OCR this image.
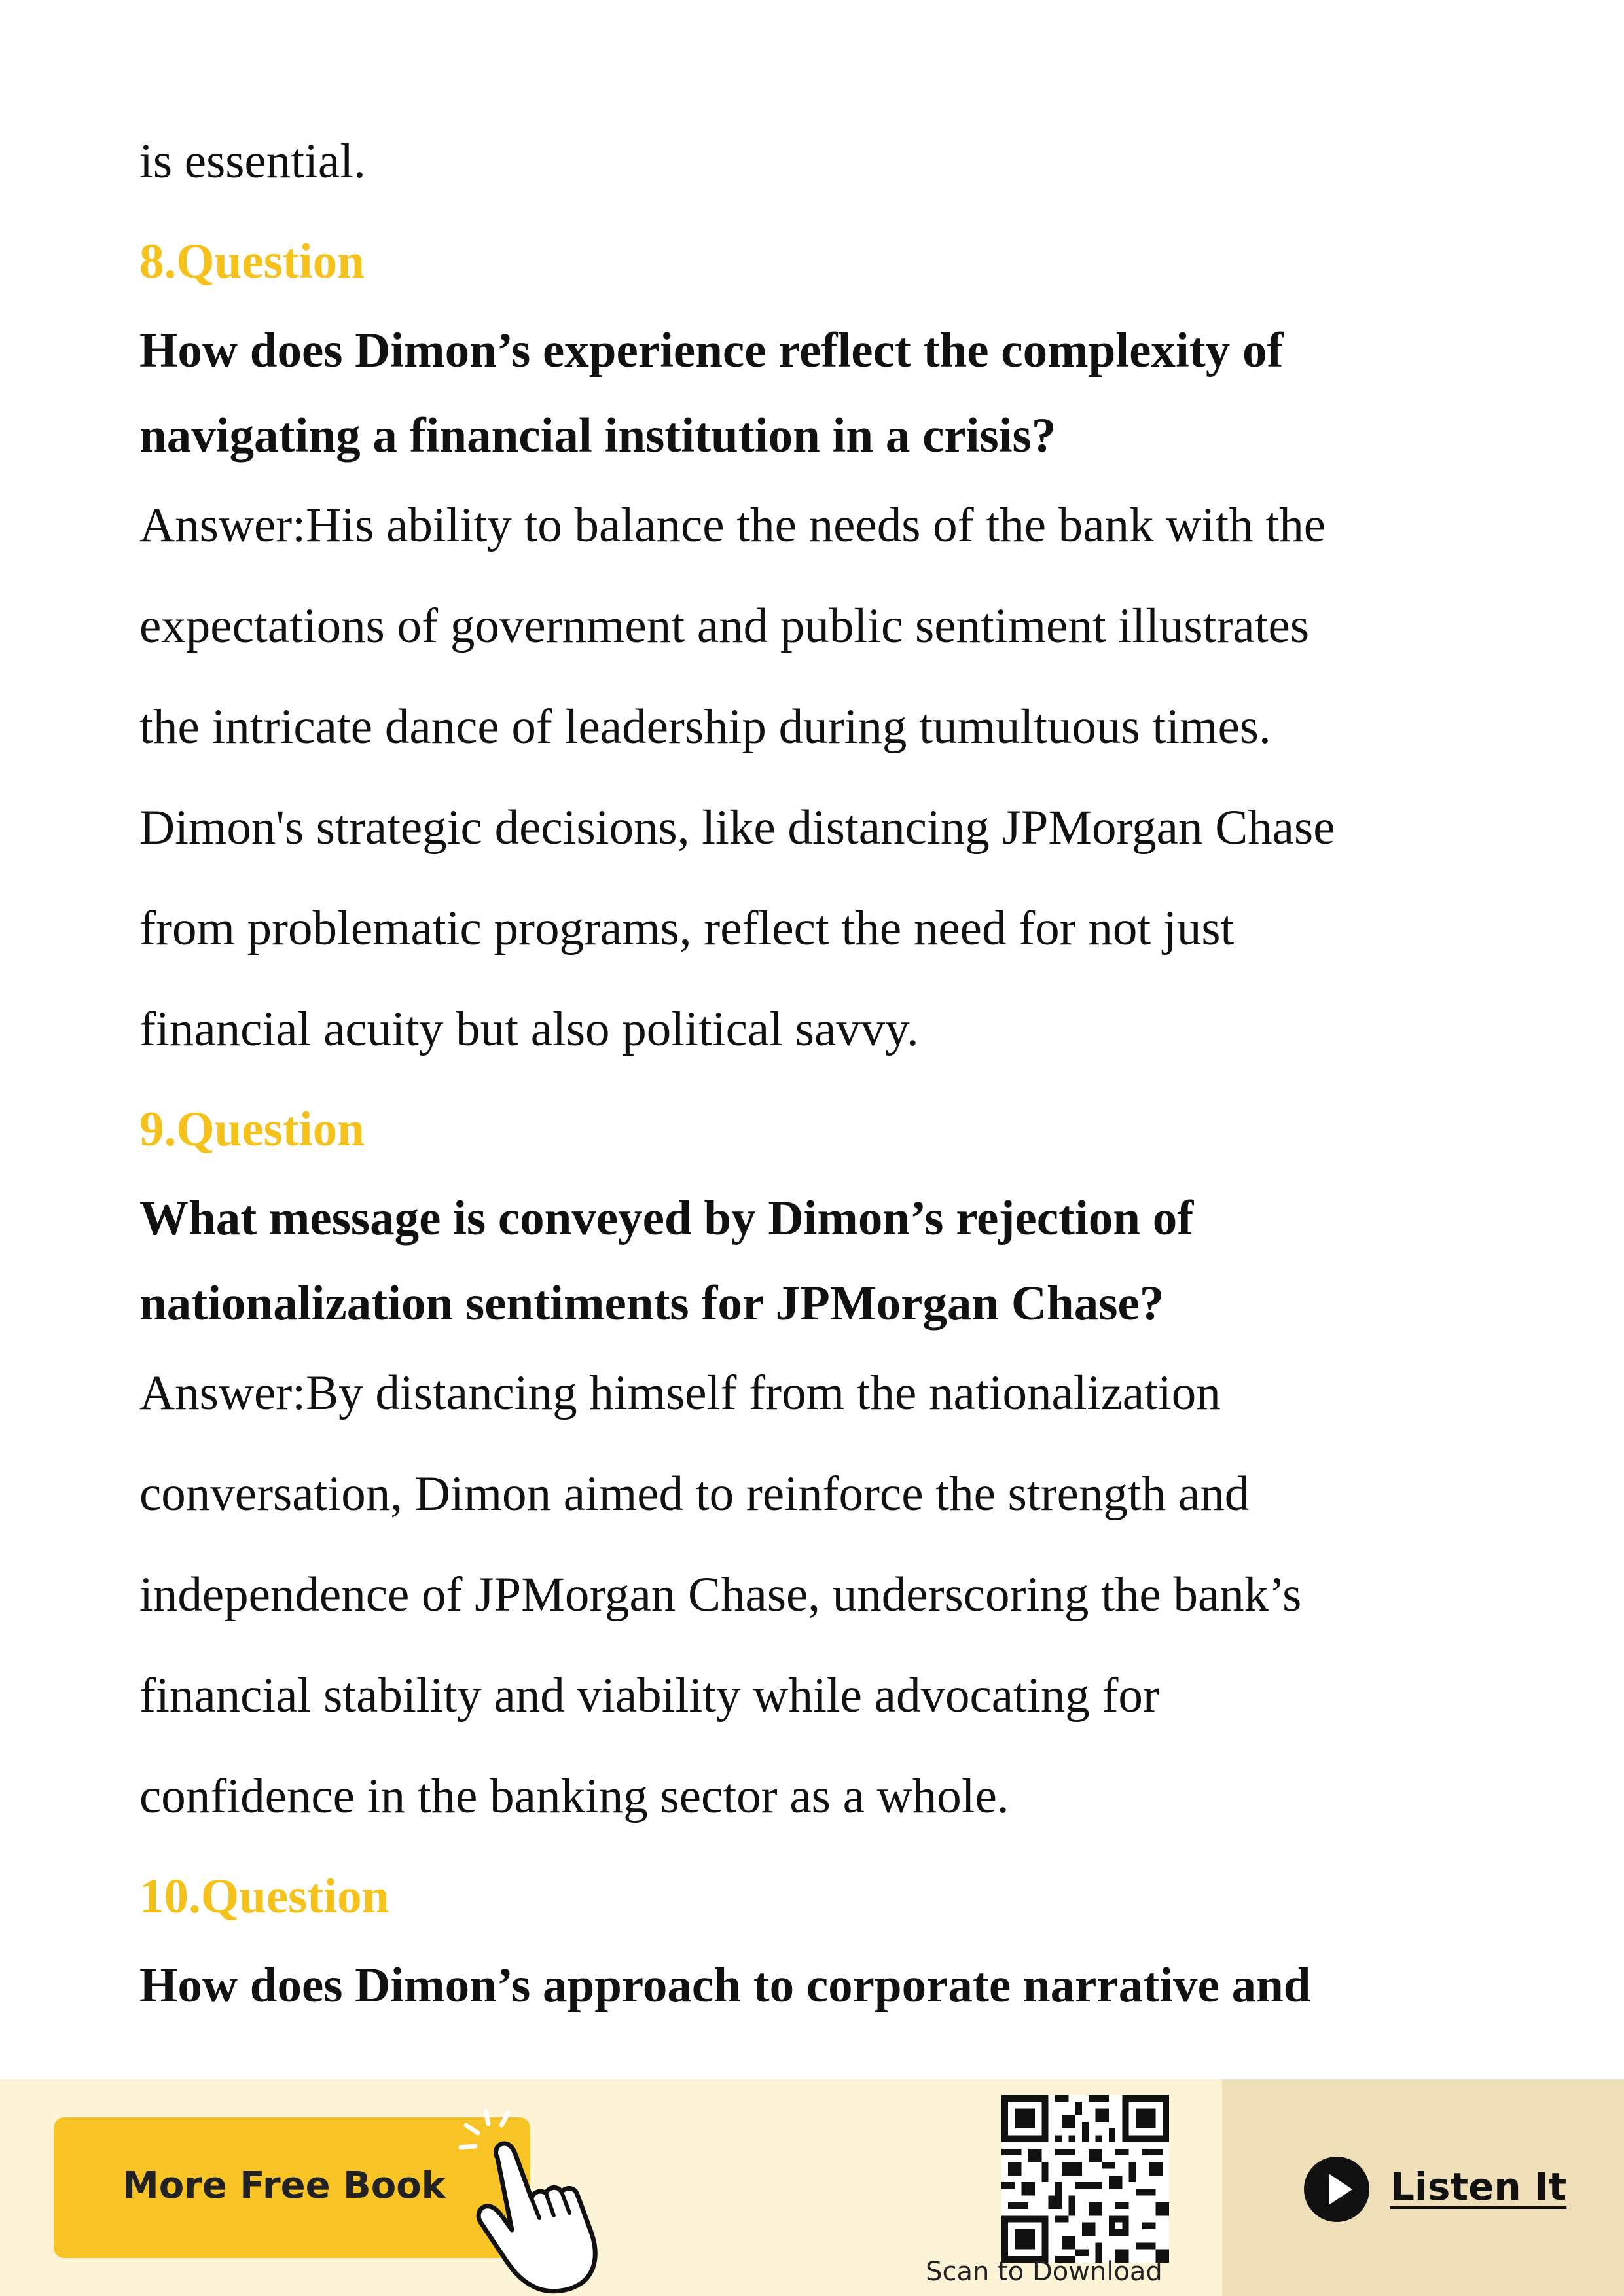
is essential.

8.Question

How does Dimon’s experience reflect the complexity of

navigating a financial institution in a crisis?

Answer:His ability to balance the needs of the bank with the

expectations of government and public sentiment illustrates

the intricate dance of leadership during tumultuous times.

Dimon's strategic decisions, like distancing JPMorgan Chase

from problematic programs, reflect the need for not just

financial acuity but also political savvy.

9.Question

What message is conveyed by Dimon’s rejection of

nationalization sentiments for JPMorgan Chase?

Answer:By distancing himself from the nationalization

conversation, Dimon aimed to reinforce the strength and

independence of JPMorgan Chase, underscoring the bank’s

financial stability and viability while advocating for

confidence in the banking sector as a whole.

10.Question

How does Dimon’s approach to corporate narrative and

More Free Book
Scan to Download
Listen It
